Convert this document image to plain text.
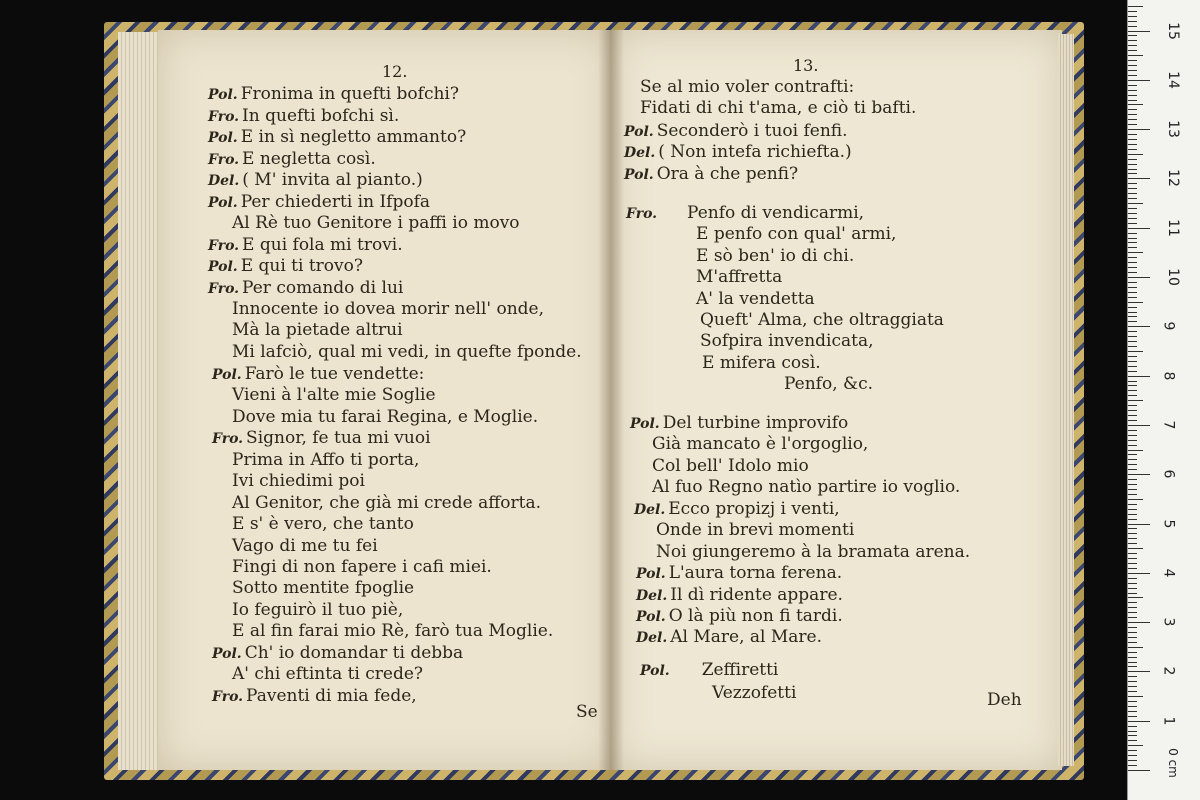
12.	13.
Pol. Fronima in quefti bofchi?
Fro. In quefti bofchi sì.
Pol. E in sì negletto ammanto?
Fro. E negletta così.
Del. ( M' invita al pianto.)
Pol. Per chiederti in Ifpofa
Al Rè tuo Genitore i paffi io movo
Fro. E qui fola mi trovi.
Pol. E qui ti trovo?
Fro. Per comando di lui
Innocente io dovea morir nell' onde,
Mà la pietade altrui
Mi lafciò, qual mi vedi, in quefte fponde.
Pol. Farò le tue vendette:
Vieni à l'alte mie Soglie
Dove mia tu farai Regina, e Moglie.
Fro. Signor, fe tua mi vuoi
Prima in Affo ti porta,
Ivi chiedimi poi
Al Genitor, che già mi crede afforta.
E s' è vero, che tanto
Vago di me tu fei
Fingi di non fapere i cafi miei.
Sotto mentite fpoglie
Io feguirò il tuo piè,
E al fin farai mio Rè, farò tua Moglie.
Pol. Ch' io domandar ti debba
A' chi eftinta ti crede?
Fro. Paventi di mia fede,
Se al mio voler contrafti:
Fidati di chi t'ama, e ciò ti bafti.
Pol. Seconderò i tuoi fenfi.
Del. ( Non intefa richiefta.)
Pol. Ora à che penfi?
Fro. Penfo di vendicarmi,
E penfo con qual' armi,
E sò ben' io di chi.
M'affretta
A' la vendetta
Queft' Alma, che oltraggiata
Sofpira invendicata,
E mifera così.
Penfo, &c.
Pol. Del turbine improvifo
Già mancato è l'orgoglio,
Col bell' Idolo mio
Al fuo Regno natìo partire io voglio.
Del. Ecco propizj i venti,
Onde in brevi momenti
Noi giungeremo à la bramata arena.
Pol. L'aura torna ferena.
Del. Il dì ridente appare.
Pol. O là più non fi tardi.
Del. Al Mare, al Mare.
Pol. Zeffiretti
Vezzofetti
Se
Deh
0 cm
1
2
3
4
5
6
7
8
9
10
11
12
13
14
15
